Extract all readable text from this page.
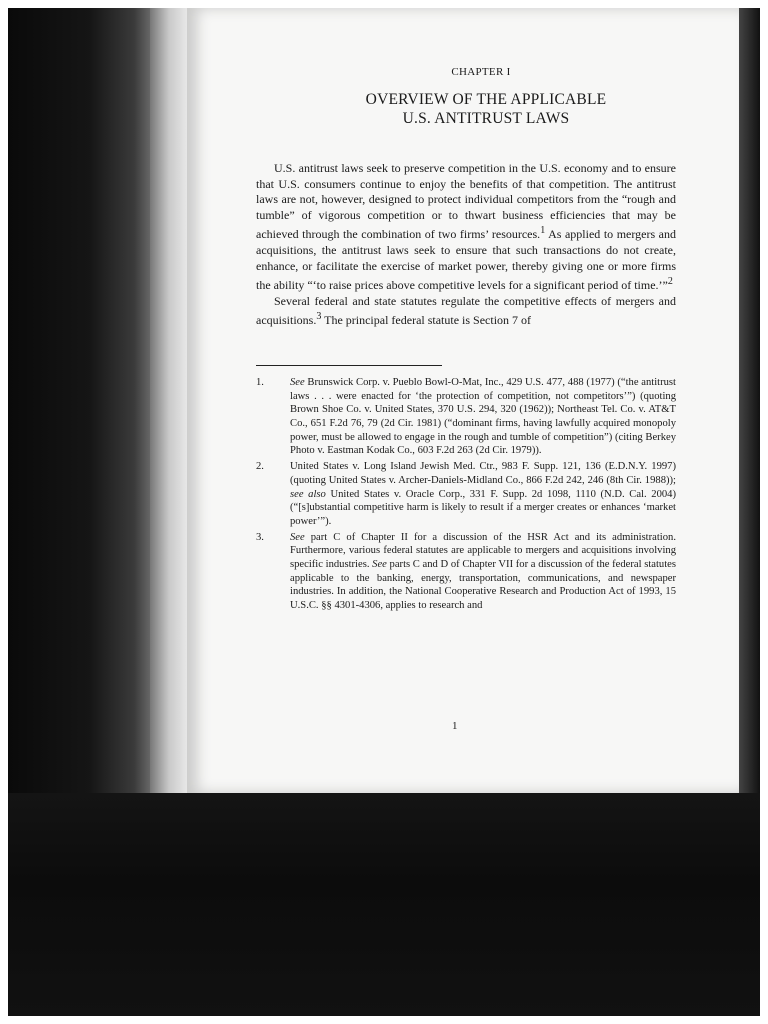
CHAPTER I
OVERVIEW OF THE APPLICABLE
U.S. ANTITRUST LAWS

U.S. antitrust laws seek to preserve competition in the U.S. economy and to ensure that U.S. consumers continue to enjoy the benefits of that competition. The antitrust laws are not, however, designed to protect individual competitors from the “rough and tumble” of vigorous competition or to thwart business efficiencies that may be achieved through the combination of two firms’ resources.$^1$ As applied to mergers and acquisitions, the antitrust laws seek to ensure that such transactions do not create, enhance, or facilitate the exercise of market power, thereby giving one or more firms the ability “‘to raise prices above competitive levels for a significant period of time.’”$^2$

Several federal and state statutes regulate the competitive effects of mergers and acquisitions.$^3$ The principal federal statute is Section 7 of

1.	See Brunswick Corp. v. Pueblo Bowl-O-Mat, Inc., 429 U.S. 477, 488 (1977) (“the antitrust laws . . . were enacted for ‘the protection of competition, not competitors’”) (quoting Brown Shoe Co. v. United States, 370 U.S. 294, 320 (1962)); Northeast Tel. Co. v. AT&T Co., 651 F.2d 76, 79 (2d Cir. 1981) (“dominant firms, having lawfully acquired monopoly power, must be allowed to engage in the rough and tumble of competition”) (citing Berkey Photo v. Eastman Kodak Co., 603 F.2d 263 (2d Cir. 1979)).
2.	United States v. Long Island Jewish Med. Ctr., 983 F. Supp. 121, 136 (E.D.N.Y. 1997) (quoting United States v. Archer-Daniels-Midland Co., 866 F.2d 242, 246 (8th Cir. 1988)); see also United States v. Oracle Corp., 331 F. Supp. 2d 1098, 1110 (N.D. Cal. 2004) (“[s]ubstantial competitive harm is likely to result if a merger creates or enhances ‘market power’”).
3.	See part C of Chapter II for a discussion of the HSR Act and its administration. Furthermore, various federal statutes are applicable to mergers and acquisitions involving specific industries. See parts C and D of Chapter VII for a discussion of the federal statutes applicable to the banking, energy, transportation, communications, and newspaper industries. In addition, the National Cooperative Research and Production Act of 1993, 15 U.S.C. §§ 4301-4306, applies to research and
1
